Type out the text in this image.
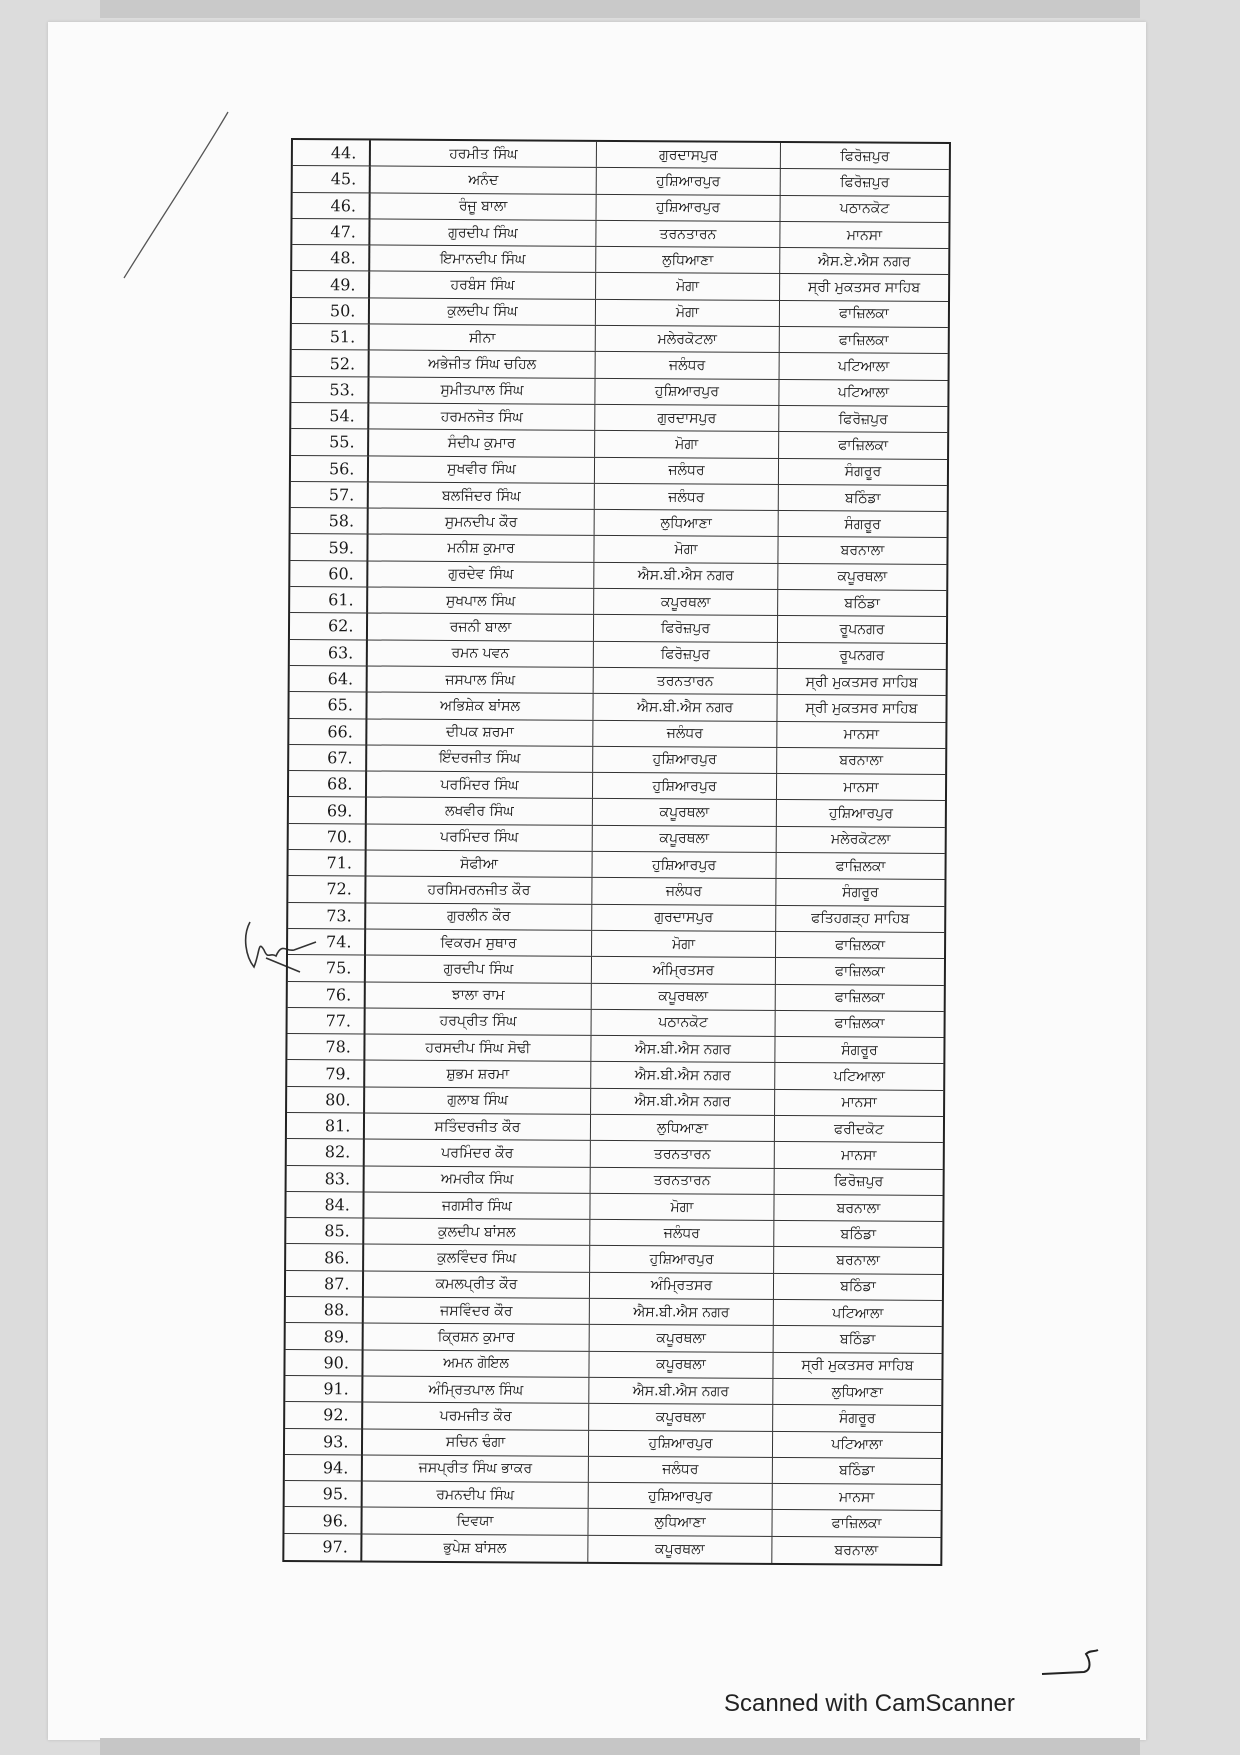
44.	ਹਰਮੀਤ ਸਿੰਘ	ਗੁਰਦਾਸਪੁਰ	ਫਿਰੋਜ਼ਪੁਰ
45.	ਅਨੰਦ	ਹੁਸ਼ਿਆਰਪੁਰ	ਫਿਰੋਜ਼ਪੁਰ
46.	ਰੰਜੂ ਬਾਲਾ	ਹੁਸ਼ਿਆਰਪੁਰ	ਪਠਾਨਕੋਟ
47.	ਗੁਰਦੀਪ ਸਿੰਘ	ਤਰਨਤਾਰਨ	ਮਾਨਸਾ
48.	ਇਮਾਨਦੀਪ ਸਿੰਘ	ਲੁਧਿਆਣਾ	ਐਸ.ਏ.ਐਸ ਨਗਰ
49.	ਹਰਬੰਸ ਸਿੰਘ	ਮੋਗਾ	ਸ੍ਰੀ ਮੁਕਤਸਰ ਸਾਹਿਬ
50.	ਕੁਲਦੀਪ ਸਿੰਘ	ਮੋਗਾ	ਫਾਜ਼ਿਲਕਾ
51.	ਸੀਨਾ	ਮਲੇਰਕੋਟਲਾ	ਫਾਜ਼ਿਲਕਾ
52.	ਅਭੇਜੀਤ ਸਿੰਘ ਚਹਿਲ	ਜਲੰਧਰ	ਪਟਿਆਲਾ
53.	ਸੁਮੀਤਪਾਲ ਸਿੰਘ	ਹੁਸ਼ਿਆਰਪੁਰ	ਪਟਿਆਲਾ
54.	ਹਰਮਨਜੋਤ ਸਿੰਘ	ਗੁਰਦਾਸਪੁਰ	ਫਿਰੋਜ਼ਪੁਰ
55.	ਸੰਦੀਪ ਕੁਮਾਰ	ਮੋਗਾ	ਫਾਜ਼ਿਲਕਾ
56.	ਸੁਖਵੀਰ ਸਿੰਘ	ਜਲੰਧਰ	ਸੰਗਰੂਰ
57.	ਬਲਜਿੰਦਰ ਸਿੰਘ	ਜਲੰਧਰ	ਬਠਿੰਡਾ
58.	ਸੁਮਨਦੀਪ ਕੌਰ	ਲੁਧਿਆਣਾ	ਸੰਗਰੂਰ
59.	ਮਨੀਸ਼ ਕੁਮਾਰ	ਮੋਗਾ	ਬਰਨਾਲਾ
60.	ਗੁਰਦੇਵ ਸਿੰਘ	ਐਸ.ਬੀ.ਐਸ ਨਗਰ	ਕਪੂਰਥਲਾ
61.	ਸੁਖਪਾਲ ਸਿੰਘ	ਕਪੂਰਥਲਾ	ਬਠਿੰਡਾ
62.	ਰਜਨੀ ਬਾਲਾ	ਫਿਰੋਜ਼ਪੁਰ	ਰੂਪਨਗਰ
63.	ਰਮਨ ਪਵਨ	ਫਿਰੋਜ਼ਪੁਰ	ਰੂਪਨਗਰ
64.	ਜਸਪਾਲ ਸਿੰਘ	ਤਰਨਤਾਰਨ	ਸ੍ਰੀ ਮੁਕਤਸਰ ਸਾਹਿਬ
65.	ਅਭਿਸ਼ੇਕ ਬਾਂਸਲ	ਐਸ.ਬੀ.ਐਸ ਨਗਰ	ਸ੍ਰੀ ਮੁਕਤਸਰ ਸਾਹਿਬ
66.	ਦੀਪਕ ਸ਼ਰਮਾ	ਜਲੰਧਰ	ਮਾਨਸਾ
67.	ਇੰਦਰਜੀਤ ਸਿੰਘ	ਹੁਸ਼ਿਆਰਪੁਰ	ਬਰਨਾਲਾ
68.	ਪਰਮਿੰਦਰ ਸਿੰਘ	ਹੁਸ਼ਿਆਰਪੁਰ	ਮਾਨਸਾ
69.	ਲਖਵੀਰ ਸਿੰਘ	ਕਪੂਰਥਲਾ	ਹੁਸ਼ਿਆਰਪੁਰ
70.	ਪਰਮਿੰਦਰ ਸਿੰਘ	ਕਪੂਰਥਲਾ	ਮਲੇਰਕੋਟਲਾ
71.	ਸੋਫੀਆ	ਹੁਸ਼ਿਆਰਪੁਰ	ਫਾਜ਼ਿਲਕਾ
72.	ਹਰਸਿਮਰਨਜੀਤ ਕੌਰ	ਜਲੰਧਰ	ਸੰਗਰੂਰ
73.	ਗੁਰਲੀਨ ਕੌਰ	ਗੁਰਦਾਸਪੁਰ	ਫਤਿਹਗੜ੍ਹ ਸਾਹਿਬ
74.	ਵਿਕਰਮ ਸੁਥਾਰ	ਮੋਗਾ	ਫਾਜ਼ਿਲਕਾ
75.	ਗੁਰਦੀਪ ਸਿੰਘ	ਅੰਮ੍ਰਿਤਸਰ	ਫਾਜ਼ਿਲਕਾ
76.	ਝਾਲਾ ਰਾਮ	ਕਪੂਰਥਲਾ	ਫਾਜ਼ਿਲਕਾ
77.	ਹਰਪ੍ਰੀਤ ਸਿੰਘ	ਪਠਾਨਕੋਟ	ਫਾਜ਼ਿਲਕਾ
78.	ਹਰਸਦੀਪ ਸਿੰਘ ਸੋਢੀ	ਐਸ.ਬੀ.ਐਸ ਨਗਰ	ਸੰਗਰੂਰ
79.	ਸ਼ੁਭਮ ਸ਼ਰਮਾ	ਐਸ.ਬੀ.ਐਸ ਨਗਰ	ਪਟਿਆਲਾ
80.	ਗੁਲਾਬ ਸਿੰਘ	ਐਸ.ਬੀ.ਐਸ ਨਗਰ	ਮਾਨਸਾ
81.	ਸਤਿੰਦਰਜੀਤ ਕੌਰ	ਲੁਧਿਆਣਾ	ਫਰੀਦਕੋਟ
82.	ਪਰਮਿੰਦਰ ਕੌਰ	ਤਰਨਤਾਰਨ	ਮਾਨਸਾ
83.	ਅਮਰੀਕ ਸਿੰਘ	ਤਰਨਤਾਰਨ	ਫਿਰੋਜ਼ਪੁਰ
84.	ਜਗਸੀਰ ਸਿੰਘ	ਮੋਗਾ	ਬਰਨਾਲਾ
85.	ਕੁਲਦੀਪ ਬਾਂਸਲ	ਜਲੰਧਰ	ਬਠਿੰਡਾ
86.	ਕੁਲਵਿੰਦਰ ਸਿੰਘ	ਹੁਸ਼ਿਆਰਪੁਰ	ਬਰਨਾਲਾ
87.	ਕਮਲਪ੍ਰੀਤ ਕੌਰ	ਅੰਮ੍ਰਿਤਸਰ	ਬਠਿੰਡਾ
88.	ਜਸਵਿੰਦਰ ਕੌਰ	ਐਸ.ਬੀ.ਐਸ ਨਗਰ	ਪਟਿਆਲਾ
89.	ਕ੍ਰਿਸ਼ਨ ਕੁਮਾਰ	ਕਪੂਰਥਲਾ	ਬਠਿੰਡਾ
90.	ਅਮਨ ਗੋਇਲ	ਕਪੂਰਥਲਾ	ਸ੍ਰੀ ਮੁਕਤਸਰ ਸਾਹਿਬ
91.	ਅੰਮ੍ਰਿਤਪਾਲ ਸਿੰਘ	ਐਸ.ਬੀ.ਐਸ ਨਗਰ	ਲੁਧਿਆਣਾ
92.	ਪਰਮਜੀਤ ਕੌਰ	ਕਪੂਰਥਲਾ	ਸੰਗਰੂਰ
93.	ਸਚਿਨ ਢੰਗਾ	ਹੁਸ਼ਿਆਰਪੁਰ	ਪਟਿਆਲਾ
94.	ਜਸਪ੍ਰੀਤ ਸਿੰਘ ਭਾਕਰ	ਜਲੰਧਰ	ਬਠਿੰਡਾ
95.	ਰਮਨਦੀਪ ਸਿੰਘ	ਹੁਸ਼ਿਆਰਪੁਰ	ਮਾਨਸਾ
96.	ਦਿਵਯਾ	ਲੁਧਿਆਣਾ	ਫਾਜ਼ਿਲਕਾ
97.	ਭੁਪੇਸ਼ ਬਾਂਸਲ	ਕਪੂਰਥਲਾ	ਬਰਨਾਲਾ
Scanned with CamScanner
